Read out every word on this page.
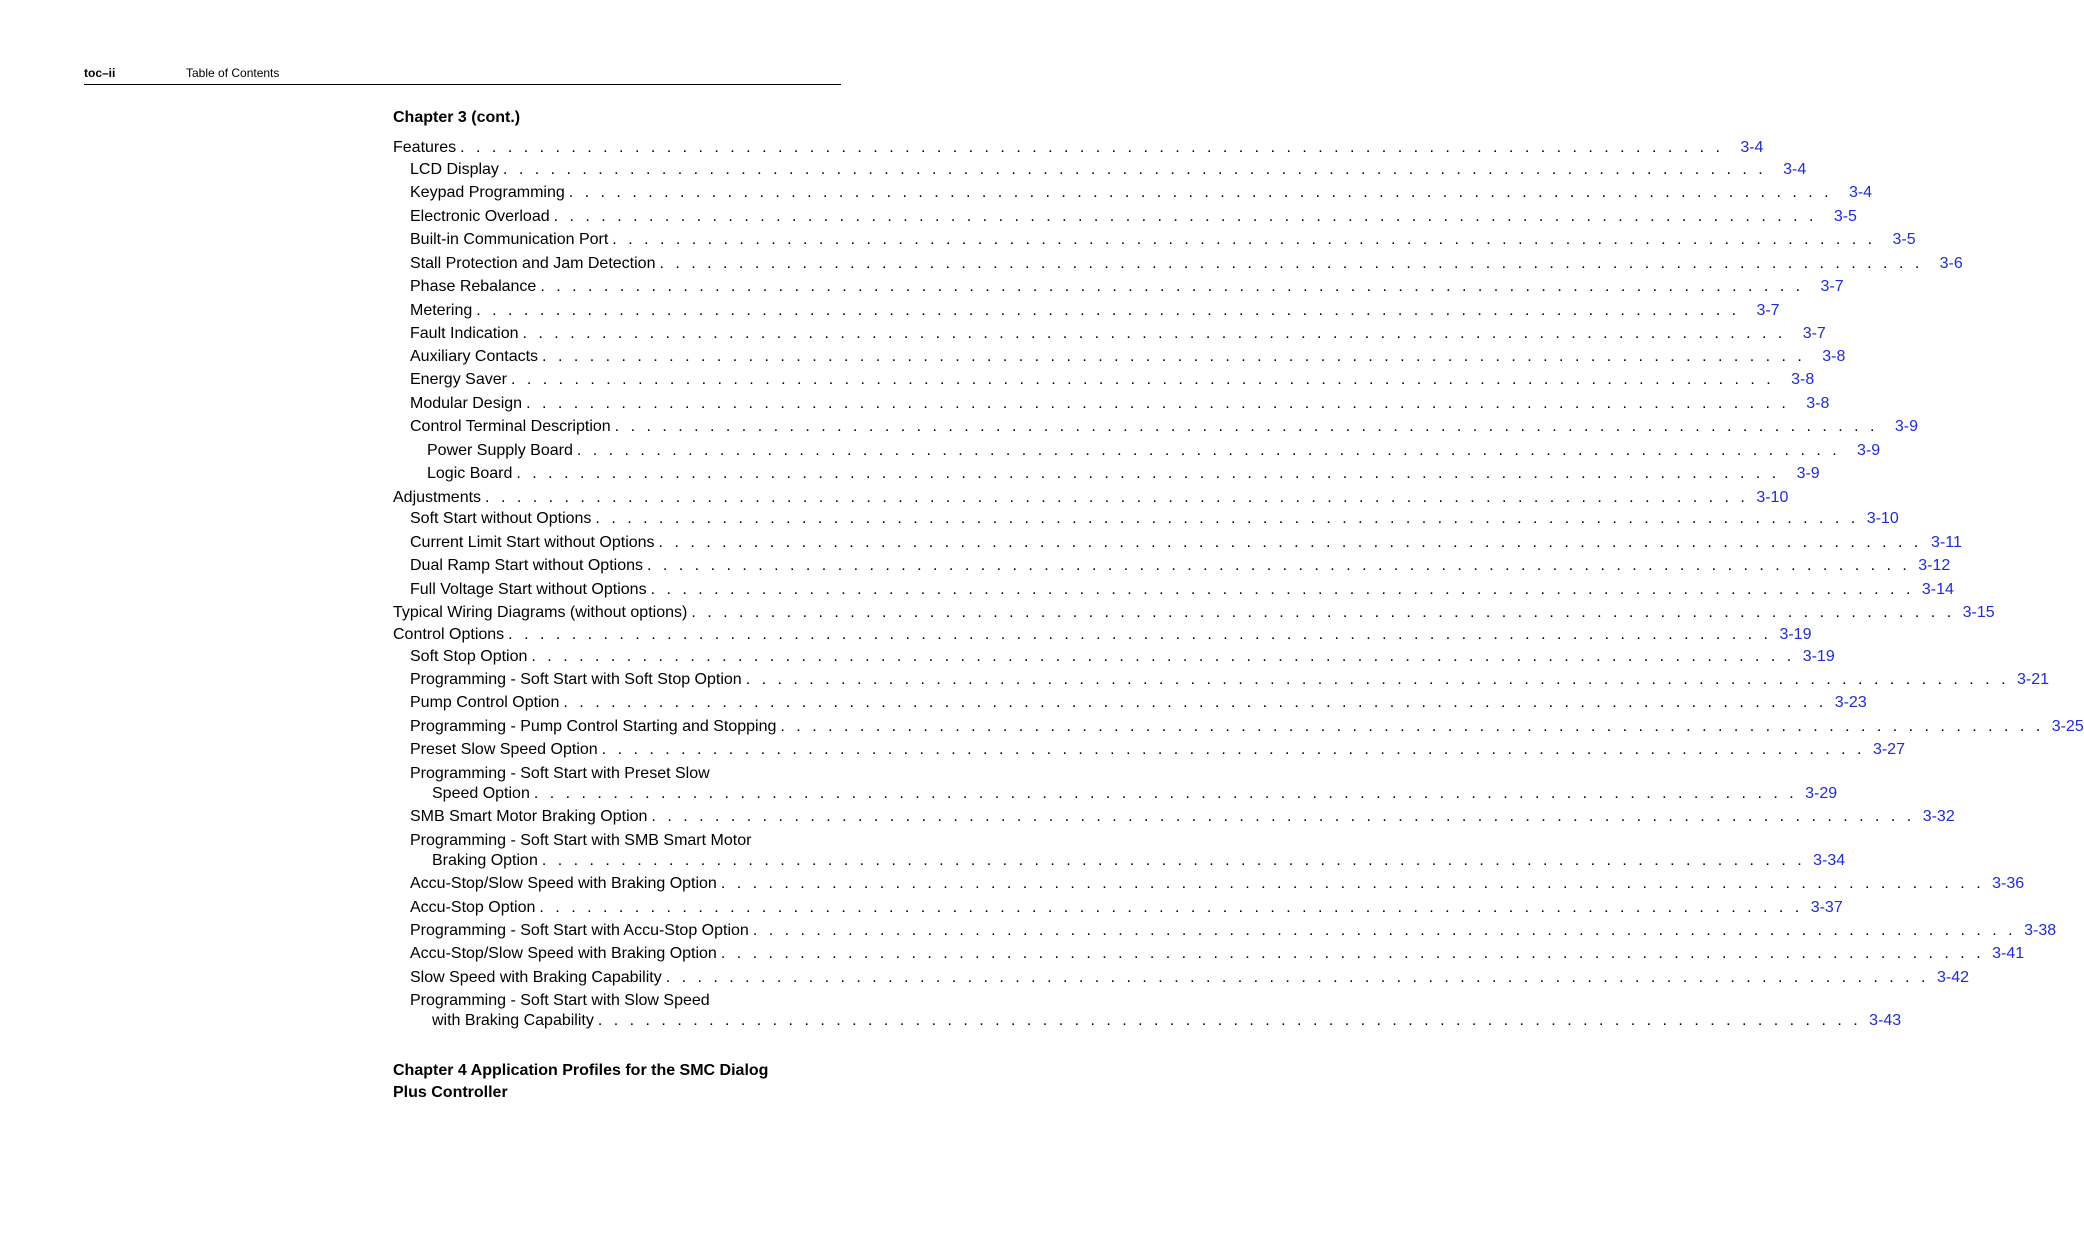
toc–ii	Table of Contents
Chapter 3 (cont.)
Features . . . . . . . . . . . . . . . . . . . . . . . . . . . . . . . . . . . . . . . . . . . . . . . . . . . . . . . . . . . . . . . . . . . . . . . . . . . . . . . .	3-4
LCD Display . . . . . . . . . . . . . . . . . . . . . . . . . . . . . . . . . . . . . . . . . . . . . . . . . . . . . . . . . . . . . . . . . . . . . . . . . . . . . . . .	3-4
Keypad Programming . . . . . . . . . . . . . . . . . . . . . . . . . . . . . . . . . . . . . . . . . . . . . . . . . . . . . . . . . . . . . . . . . . . . . . . . . . . . . . . .	3-4
Electronic Overload . . . . . . . . . . . . . . . . . . . . . . . . . . . . . . . . . . . . . . . . . . . . . . . . . . . . . . . . . . . . . . . . . . . . . . . . . . . . . . . .	3-5
Built-in Communication Port . . . . . . . . . . . . . . . . . . . . . . . . . . . . . . . . . . . . . . . . . . . . . . . . . . . . . . . . . . . . . . . . . . . . . . . . . . . . . . . .	3-5
Stall Protection and Jam Detection . . . . . . . . . . . . . . . . . . . . . . . . . . . . . . . . . . . . . . . . . . . . . . . . . . . . . . . . . . . . . . . . . . . . . . . . . . . . . . . .	3-6
Phase Rebalance . . . . . . . . . . . . . . . . . . . . . . . . . . . . . . . . . . . . . . . . . . . . . . . . . . . . . . . . . . . . . . . . . . . . . . . . . . . . . . . .	3-7
Metering . . . . . . . . . . . . . . . . . . . . . . . . . . . . . . . . . . . . . . . . . . . . . . . . . . . . . . . . . . . . . . . . . . . . . . . . . . . . . . . .	3-7
Fault Indication . . . . . . . . . . . . . . . . . . . . . . . . . . . . . . . . . . . . . . . . . . . . . . . . . . . . . . . . . . . . . . . . . . . . . . . . . . . . . . . .	3-7
Auxiliary Contacts . . . . . . . . . . . . . . . . . . . . . . . . . . . . . . . . . . . . . . . . . . . . . . . . . . . . . . . . . . . . . . . . . . . . . . . . . . . . . . . .	3-8
Energy Saver . . . . . . . . . . . . . . . . . . . . . . . . . . . . . . . . . . . . . . . . . . . . . . . . . . . . . . . . . . . . . . . . . . . . . . . . . . . . . . . .	3-8
Modular Design . . . . . . . . . . . . . . . . . . . . . . . . . . . . . . . . . . . . . . . . . . . . . . . . . . . . . . . . . . . . . . . . . . . . . . . . . . . . . . . .	3-8
Control Terminal Description . . . . . . . . . . . . . . . . . . . . . . . . . . . . . . . . . . . . . . . . . . . . . . . . . . . . . . . . . . . . . . . . . . . . . . . . . . . . . . . .	3-9
Power Supply Board . . . . . . . . . . . . . . . . . . . . . . . . . . . . . . . . . . . . . . . . . . . . . . . . . . . . . . . . . . . . . . . . . . . . . . . . . . . . . . . .	3-9
Logic Board . . . . . . . . . . . . . . . . . . . . . . . . . . . . . . . . . . . . . . . . . . . . . . . . . . . . . . . . . . . . . . . . . . . . . . . . . . . . . . . .	3-9
Adjustments . . . . . . . . . . . . . . . . . . . . . . . . . . . . . . . . . . . . . . . . . . . . . . . . . . . . . . . . . . . . . . . . . . . . . . . . . . . . . . . . 3-10
Soft Start without Options . . . . . . . . . . . . . . . . . . . . . . . . . . . . . . . . . . . . . . . . . . . . . . . . . . . . . . . . . . . . . . . . . . . . . . . . . . . . . . . . 3-10
Current Limit Start without Options . . . . . . . . . . . . . . . . . . . . . . . . . . . . . . . . . . . . . . . . . . . . . . . . . . . . . . . . . . . . . . . . . . . . . . . . . . . . . . . . 3-11
Dual Ramp Start without Options . . . . . . . . . . . . . . . . . . . . . . . . . . . . . . . . . . . . . . . . . . . . . . . . . . . . . . . . . . . . . . . . . . . . . . . . . . . . . . . . 3-12
Full Voltage Start without Options . . . . . . . . . . . . . . . . . . . . . . . . . . . . . . . . . . . . . . . . . . . . . . . . . . . . . . . . . . . . . . . . . . . . . . . . . . . . . . . . 3-14
Typical Wiring Diagrams (without options) . . . . . . . . . . . . . . . . . . . . . . . . . . . . . . . . . . . . . . . . . . . . . . . . . . . . . . . . . . . . . . . . . . . . . . . . . . . . . . . . 3-15
Control Options . . . . . . . . . . . . . . . . . . . . . . . . . . . . . . . . . . . . . . . . . . . . . . . . . . . . . . . . . . . . . . . . . . . . . . . . . . . . . . . . 3-19
Soft Stop Option . . . . . . . . . . . . . . . . . . . . . . . . . . . . . . . . . . . . . . . . . . . . . . . . . . . . . . . . . . . . . . . . . . . . . . . . . . . . . . . . 3-19
Programming - Soft Start with Soft Stop Option . . . . . . . . . . . . . . . . . . . . . . . . . . . . . . . . . . . . . . . . . . . . . . . . . . . . . . . . . . . . . . . . . . . . . . . . . . . . . . . . 3-21
Pump Control Option . . . . . . . . . . . . . . . . . . . . . . . . . . . . . . . . . . . . . . . . . . . . . . . . . . . . . . . . . . . . . . . . . . . . . . . . . . . . . . . . 3-23
Programming - Pump Control Starting and Stopping . . . . . . . . . . . . . . . . . . . . . . . . . . . . . . . . . . . . . . . . . . . . . . . . . . . . . . . . . . . . . . . . . . . . . . . . . . . . . . . . 3-25
Preset Slow Speed Option . . . . . . . . . . . . . . . . . . . . . . . . . . . . . . . . . . . . . . . . . . . . . . . . . . . . . . . . . . . . . . . . . . . . . . . . . . . . . . . . 3-27
Programming - Soft Start with Preset Slow
Speed Option . . . . . . . . . . . . . . . . . . . . . . . . . . . . . . . . . . . . . . . . . . . . . . . . . . . . . . . . . . . . . . . . . . . . . . . . . . . . . . . . 3-29
SMB Smart Motor Braking Option . . . . . . . . . . . . . . . . . . . . . . . . . . . . . . . . . . . . . . . . . . . . . . . . . . . . . . . . . . . . . . . . . . . . . . . . . . . . . . . . 3-32
Programming - Soft Start with SMB Smart Motor
Braking Option . . . . . . . . . . . . . . . . . . . . . . . . . . . . . . . . . . . . . . . . . . . . . . . . . . . . . . . . . . . . . . . . . . . . . . . . . . . . . . . . 3-34
Accu-Stop/Slow Speed with Braking Option . . . . . . . . . . . . . . . . . . . . . . . . . . . . . . . . . . . . . . . . . . . . . . . . . . . . . . . . . . . . . . . . . . . . . . . . . . . . . . . . 3-36
Accu-Stop Option . . . . . . . . . . . . . . . . . . . . . . . . . . . . . . . . . . . . . . . . . . . . . . . . . . . . . . . . . . . . . . . . . . . . . . . . . . . . . . . . 3-37
Programming - Soft Start with Accu-Stop Option . . . . . . . . . . . . . . . . . . . . . . . . . . . . . . . . . . . . . . . . . . . . . . . . . . . . . . . . . . . . . . . . . . . . . . . . . . . . . . . . 3-38
Accu-Stop/Slow Speed with Braking Option . . . . . . . . . . . . . . . . . . . . . . . . . . . . . . . . . . . . . . . . . . . . . . . . . . . . . . . . . . . . . . . . . . . . . . . . . . . . . . . . 3-41
Slow Speed with Braking Capability . . . . . . . . . . . . . . . . . . . . . . . . . . . . . . . . . . . . . . . . . . . . . . . . . . . . . . . . . . . . . . . . . . . . . . . . . . . . . . . . 3-42
Programming - Soft Start with Slow Speed
with Braking Capability . . . . . . . . . . . . . . . . . . . . . . . . . . . . . . . . . . . . . . . . . . . . . . . . . . . . . . . . . . . . . . . . . . . . . . . . . . . . . . . . 3-43
Chapter 4 Application Profiles for the SMC Dialog
Plus Controller
